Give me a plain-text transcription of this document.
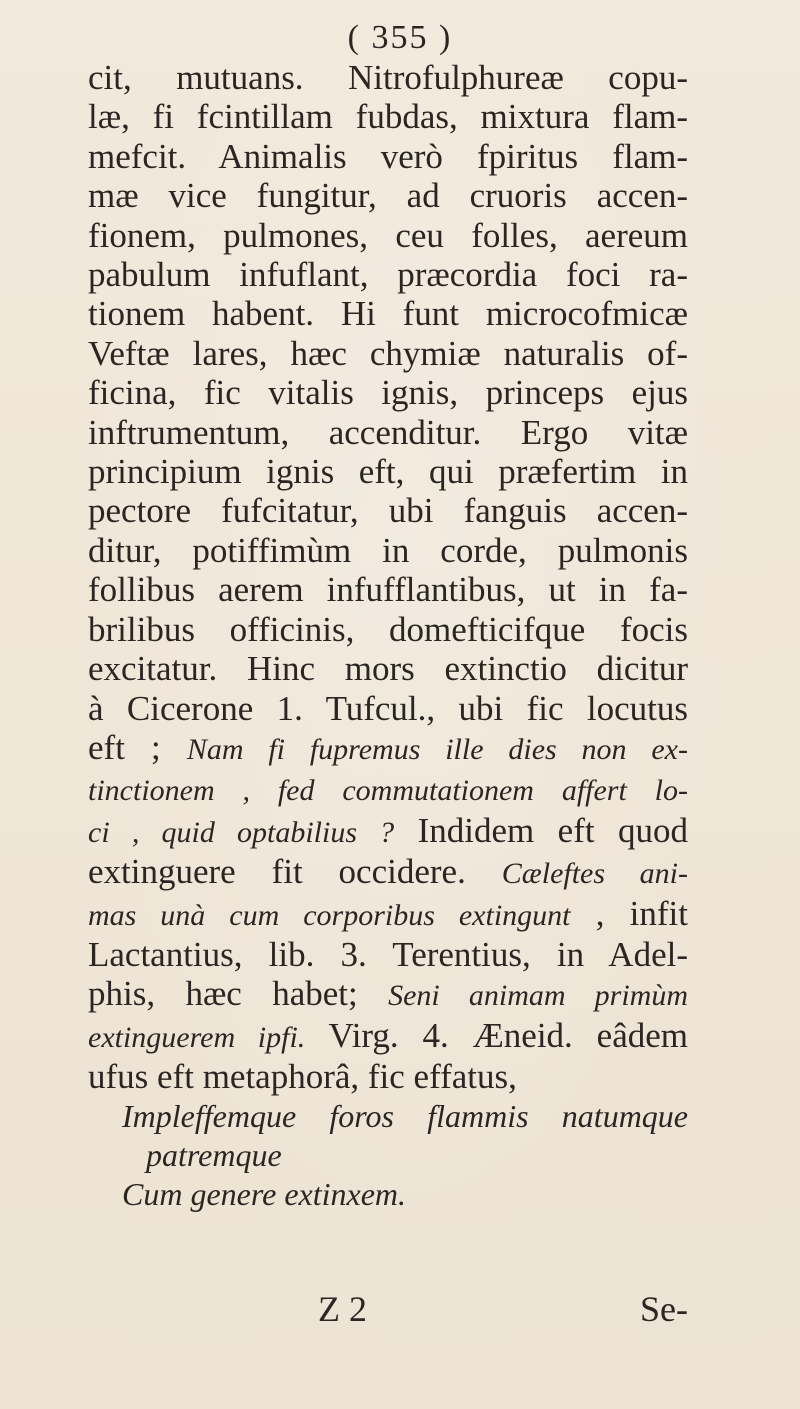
( 355 )
cit, mutuans. Nitrofulphureæ copu-
læ, fi fcintillam fubdas, mixtura flam-
mefcit. Animalis verò fpiritus flam-
mæ vice fungitur, ad cruoris accen-
fionem, pulmones, ceu folles, aereum
pabulum infuflant, præcordia foci ra-
tionem habent. Hi funt microcofmicæ
Veftæ lares, hæc chymiæ naturalis of-
ficina, fic vitalis ignis, princeps ejus
inftrumentum, accenditur. Ergo vitæ
principium ignis eft, qui præfertim in
pectore fufcitatur, ubi fanguis accen-
ditur, potiffimùm in corde, pulmonis
follibus aerem infufflantibus, ut in fa-
brilibus officinis, domefticifque focis
excitatur. Hinc mors extinctio dicitur
à Cicerone 1. Tufcul., ubi fic locutus
eft ; Nam fi fupremus ille dies non ex-
tinctionem , fed commutationem affert lo-
ci , quid optabilius ? Indidem eft quod
extinguere fit occidere. Cæleftes ani-
mas unà cum corporibus extingunt , infit
Lactantius, lib. 3. Terentius, in Adel-
phis, hæc habet; Seni animam primùm
extinguerem ipfi. Virg. 4. Æneid. eâdem
ufus eft metaphorâ, fic effatus,
Impleffemque foros flammis natumque
patremque
Cum genere extinxem.
Z 2	Se-
